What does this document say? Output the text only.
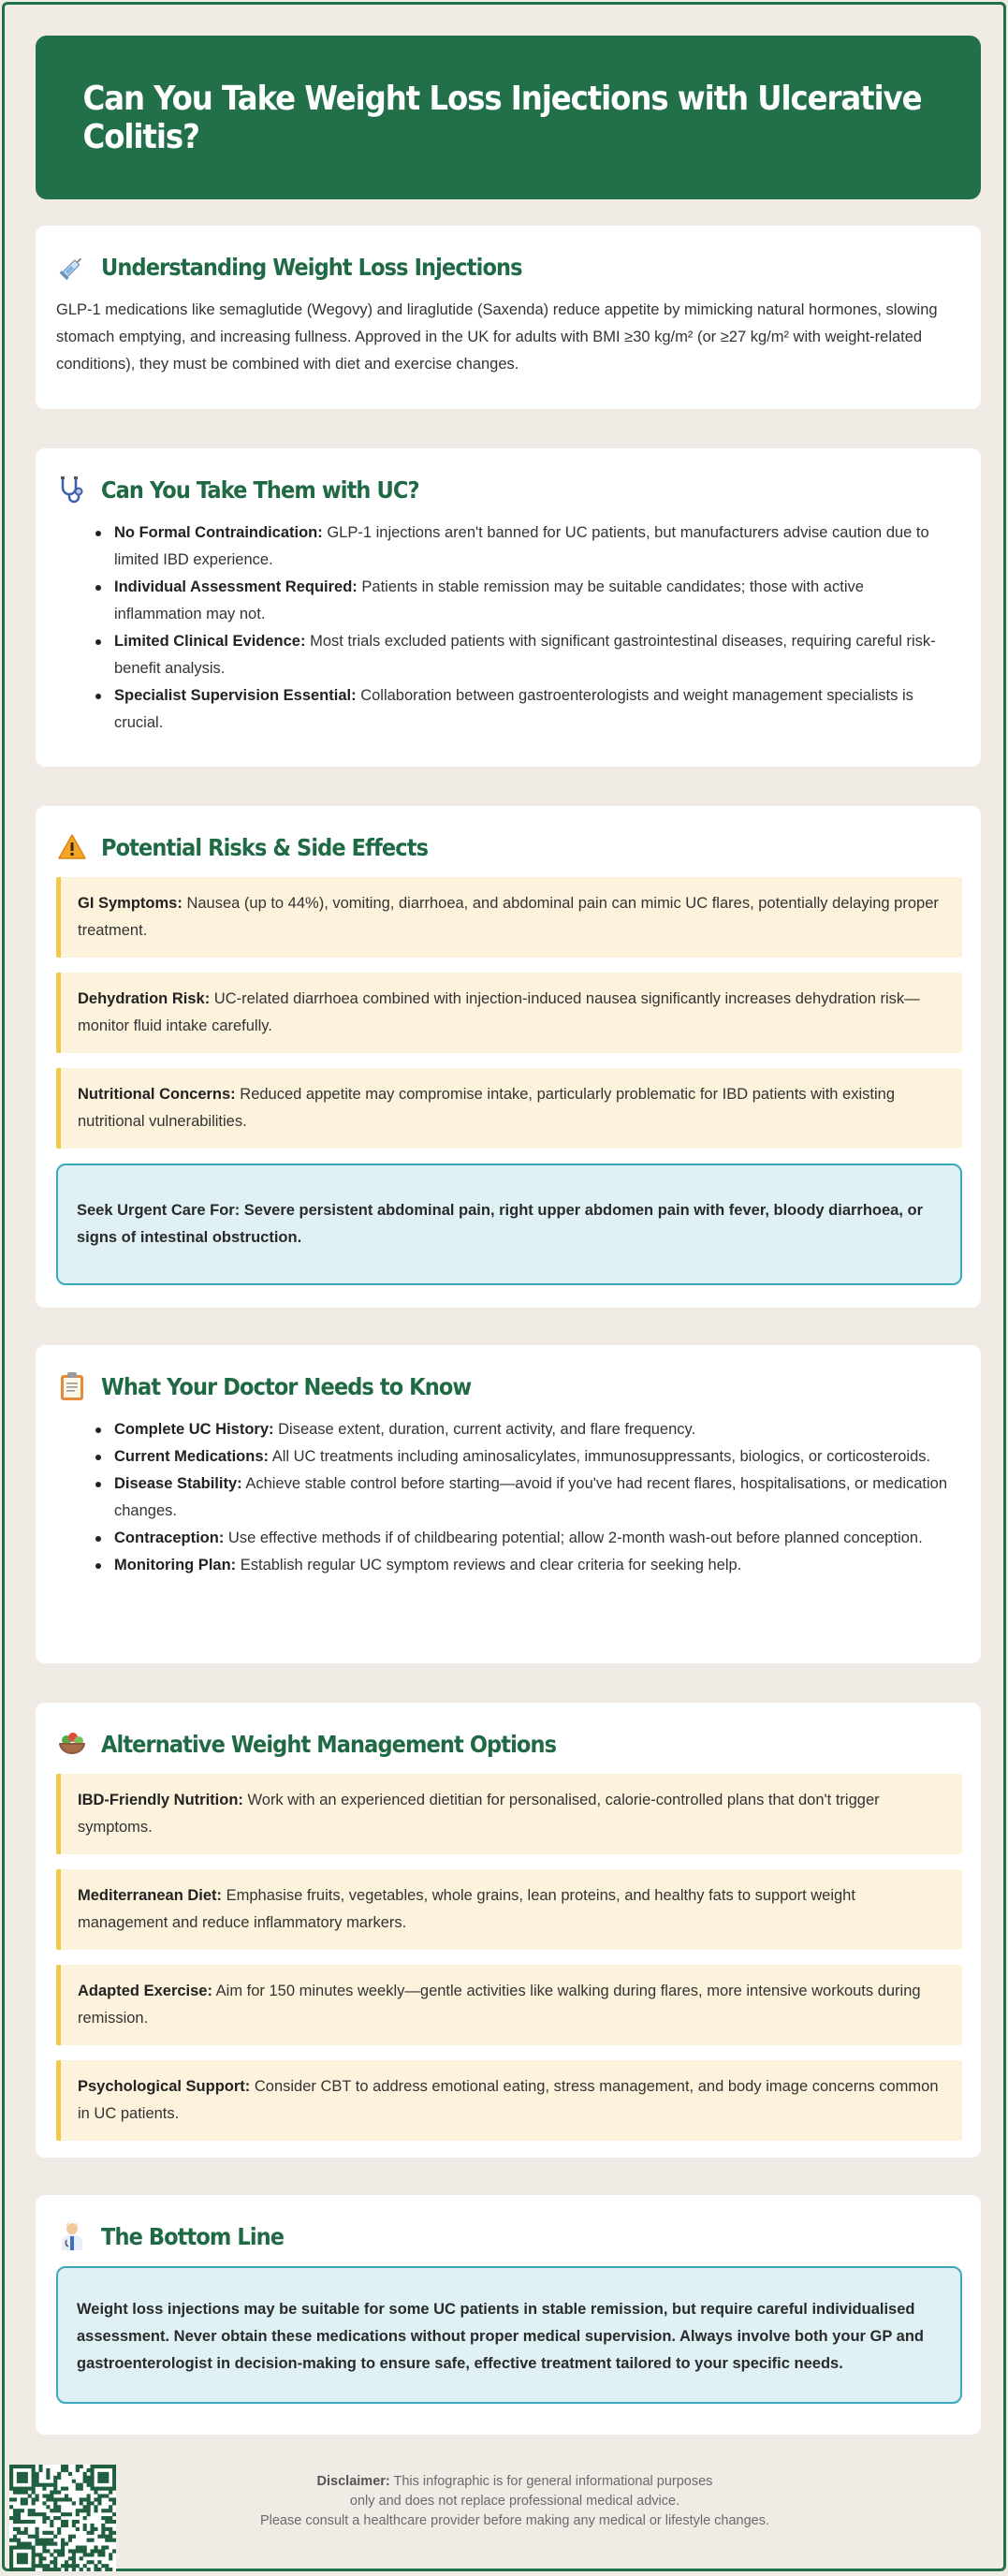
Can You Take Weight Loss Injections with Ulcerative Colitis?
Understanding Weight Loss Injections

GLP-1 medications like semaglutide (Wegovy) and liraglutide (Saxenda) reduce appetite by mimicking natural hormones, slowing stomach emptying, and increasing fullness. Approved in the UK for adults with BMI ≥30 kg/m² (or ≥27 kg/m² with weight-related conditions), they must be combined with diet and exercise changes.

Can You Take Them with UC?
No Formal Contraindication: GLP-1 injections aren't banned for UC patients, but manufacturers advise caution due to limited IBD experience.
Individual Assessment Required: Patients in stable remission may be suitable candidates; those with active inflammation may not.
Limited Clinical Evidence: Most trials excluded patients with significant gastrointestinal diseases, requiring careful risk-benefit analysis.
Specialist Supervision Essential: Collaboration between gastroenterologists and weight management specialists is crucial.
Potential Risks & Side Effects
GI Symptoms: Nausea (up to 44%), vomiting, diarrhoea, and abdominal pain can mimic UC flares, potentially delaying proper treatment.
Dehydration Risk: UC-related diarrhoea combined with injection-induced nausea significantly increases dehydration risk—monitor fluid intake carefully.
Nutritional Concerns: Reduced appetite may compromise intake, particularly problematic for IBD patients with existing nutritional vulnerabilities.
Seek Urgent Care For: Severe persistent abdominal pain, right upper abdomen pain with fever, bloody diarrhoea, or signs of intestinal obstruction.
What Your Doctor Needs to Know
Complete UC History: Disease extent, duration, current activity, and flare frequency.
Current Medications: All UC treatments including aminosalicylates, immunosuppressants, biologics, or corticosteroids.
Disease Stability: Achieve stable control before starting—avoid if you've had recent flares, hospitalisations, or medication changes.
Contraception: Use effective methods if of childbearing potential; allow 2-month wash-out before planned conception.
Monitoring Plan: Establish regular UC symptom reviews and clear criteria for seeking help.
Alternative Weight Management Options
IBD-Friendly Nutrition: Work with an experienced dietitian for personalised, calorie-controlled plans that don't trigger symptoms.
Mediterranean Diet: Emphasise fruits, vegetables, whole grains, lean proteins, and healthy fats to support weight management and reduce inflammatory markers.
Adapted Exercise: Aim for 150 minutes weekly—gentle activities like walking during flares, more intensive workouts during remission.
Psychological Support: Consider CBT to address emotional eating, stress management, and body image concerns common in UC patients.
The Bottom Line
Weight loss injections may be suitable for some UC patients in stable remission, but require careful individualised assessment. Never obtain these medications without proper medical supervision. Always involve both your GP and gastroenterologist in decision-making to ensure safe, effective treatment tailored to your specific needs.
Disclaimer: This infographic is for general informational purposes
only and does not replace professional medical advice.
Please consult a healthcare provider before making any medical or lifestyle changes.
